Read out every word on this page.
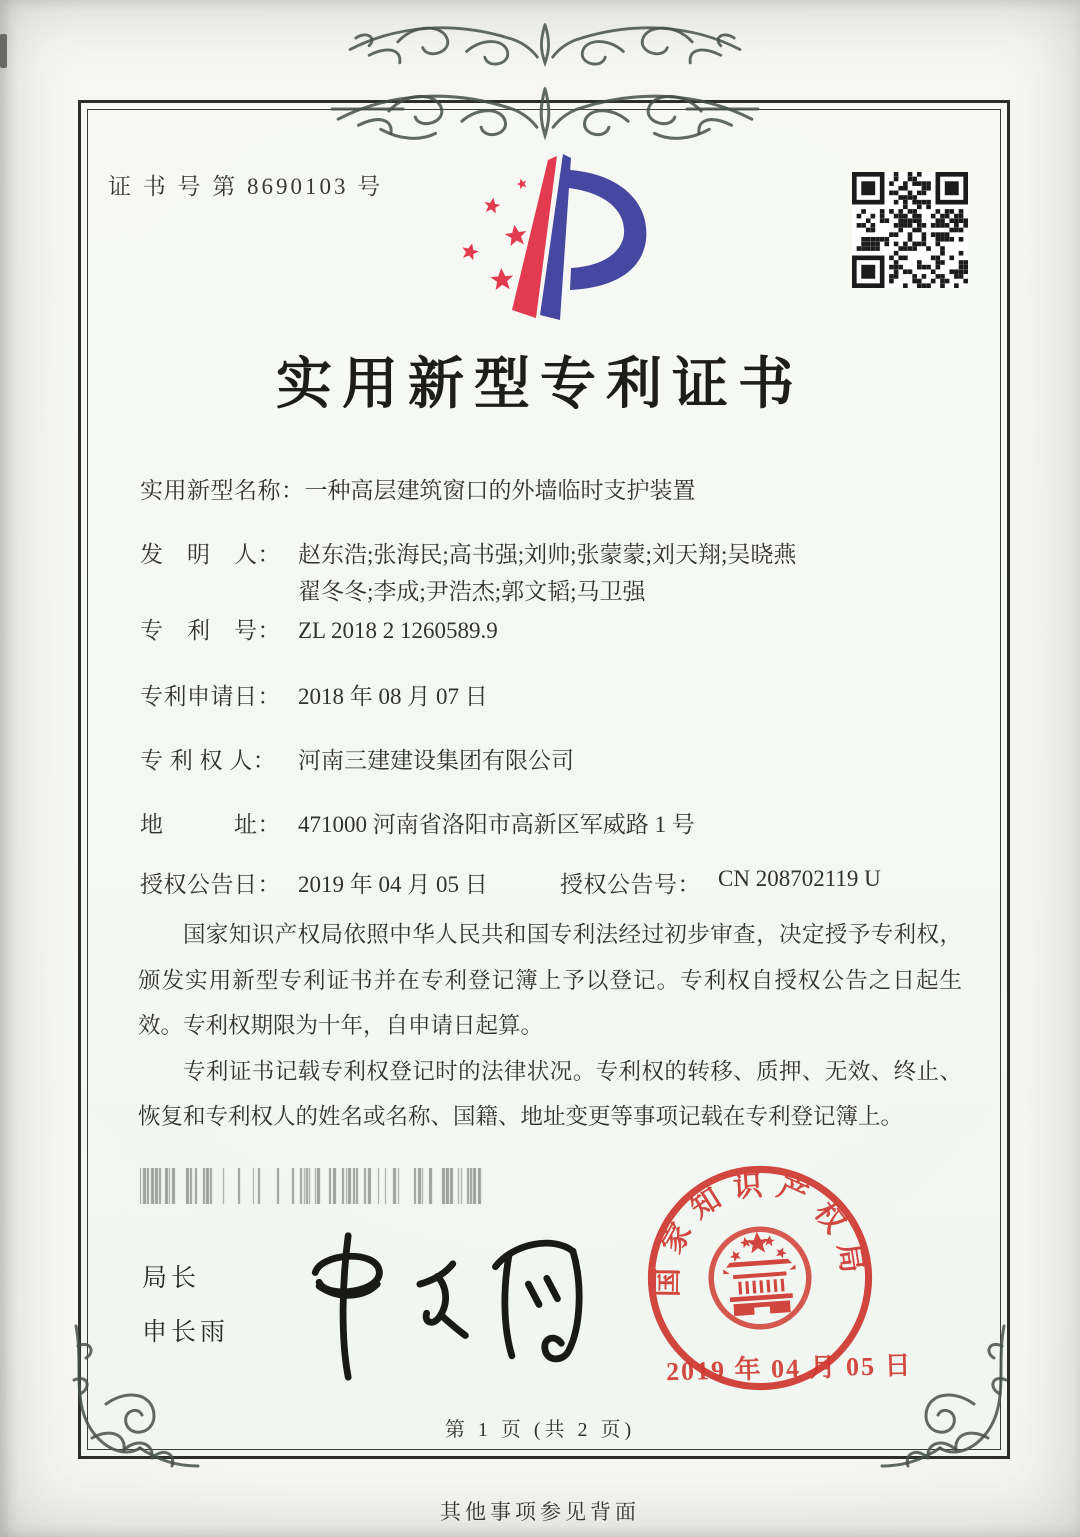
证 书 号 第 8690103 号
实用新型专利证书
实用新型名称： 一种高层建筑窗口的外墙临时支护装置
发　明　人： 赵东浩;张海民;高书强;刘帅;张蒙蒙;刘天翔;吴晓燕
翟冬冬;李成;尹浩杰;郭文韬;马卫强
专　利　号： ZL 2018 2 1260589.9
专利申请日： 2018 年 08 月 07 日
专 利 权 人： 河南三建建设集团有限公司
地　　　址： 471000 河南省洛阳市高新区军威路 1 号
授权公告日： 2019 年 04 月 05 日	授权公告号： CN 208702119 U

国家知识产权局依照中华人民共和国专利法经过初步审查，决定授予专利权，颁发实用新型专利证书并在专利登记簿上予以登记。专利权自授权公告之日起生效。专利权期限为十年，自申请日起算。

专利证书记载专利权登记时的法律状况。专利权的转移、质押、无效、终止、恢复和专利权人的姓名或名称、国籍、地址变更等事项记载在专利登记簿上。

局长
申长雨
国家知识产权局
2019 年 04 月 05 日
第 1 页 (共 2 页)
其他事项参见背面
